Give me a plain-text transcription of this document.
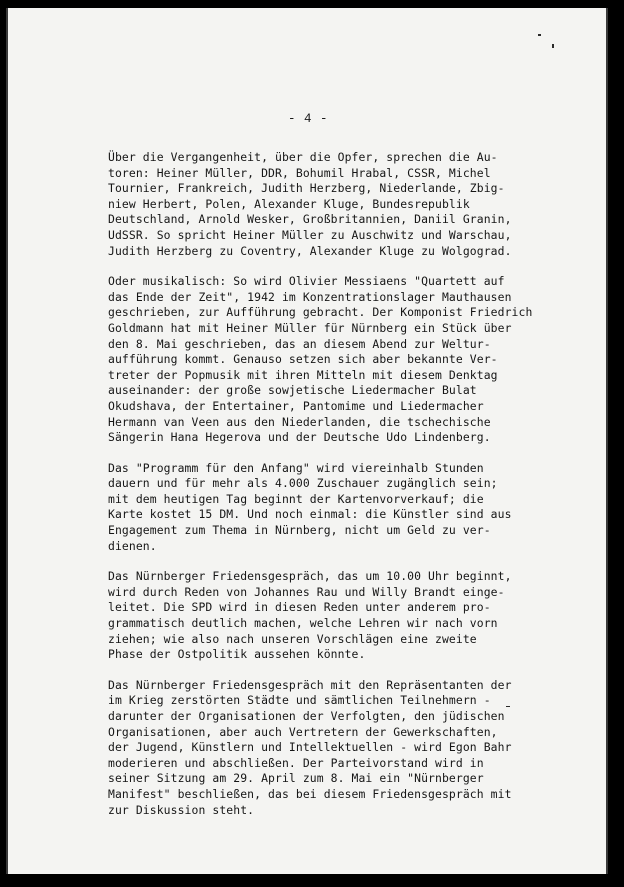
- 4 -
Über die Vergangenheit, über die Opfer, sprechen die Au-
toren: Heiner Müller, DDR, Bohumil Hrabal, CSSR, Michel
Tournier, Frankreich, Judith Herzberg, Niederlande, Zbig-
niew Herbert, Polen, Alexander Kluge, Bundesrepublik
Deutschland, Arnold Wesker, Großbritannien, Daniil Granin,
UdSSR. So spricht Heiner Müller zu Auschwitz und Warschau,
Judith Herzberg zu Coventry, Alexander Kluge zu Wolgograd.
Oder musikalisch: So wird Olivier Messiaens "Quartett auf
das Ende der Zeit", 1942 im Konzentrationslager Mauthausen
geschrieben, zur Aufführung gebracht. Der Komponist Friedrich
Goldmann hat mit Heiner Müller für Nürnberg ein Stück über
den 8. Mai geschrieben, das an diesem Abend zur Weltur-
aufführung kommt. Genauso setzen sich aber bekannte Ver-
treter der Popmusik mit ihren Mitteln mit diesem Denktag
auseinander: der große sowjetische Liedermacher Bulat
Okudshava, der Entertainer, Pantomime und Liedermacher
Hermann van Veen aus den Niederlanden, die tschechische
Sängerin Hana Hegerova und der Deutsche Udo Lindenberg.
Das "Programm für den Anfang" wird viereinhalb Stunden
dauern und für mehr als 4.000 Zuschauer zugänglich sein;
mit dem heutigen Tag beginnt der Kartenvorverkauf; die
Karte kostet 15 DM. Und noch einmal: die Künstler sind aus
Engagement zum Thema in Nürnberg, nicht um Geld zu ver-
dienen.
Das Nürnberger Friedensgespräch, das um 10.00 Uhr beginnt,
wird durch Reden von Johannes Rau und Willy Brandt einge-
leitet. Die SPD wird in diesen Reden unter anderem pro-
grammatisch deutlich machen, welche Lehren wir nach vorn
ziehen; wie also nach unseren Vorschlägen eine zweite
Phase der Ostpolitik aussehen könnte.
Das Nürnberger Friedensgespräch mit den Repräsentanten der
im Krieg zerstörten Städte und sämtlichen Teilnehmern -
darunter der Organisationen der Verfolgten, den jüdischen
Organisationen, aber auch Vertretern der Gewerkschaften,
der Jugend, Künstlern und Intellektuellen - wird Egon Bahr
moderieren und abschließen. Der Parteivorstand wird in
seiner Sitzung am 29. April zum 8. Mai ein "Nürnberger
Manifest" beschließen, das bei diesem Friedensgespräch mit
zur Diskussion steht.
